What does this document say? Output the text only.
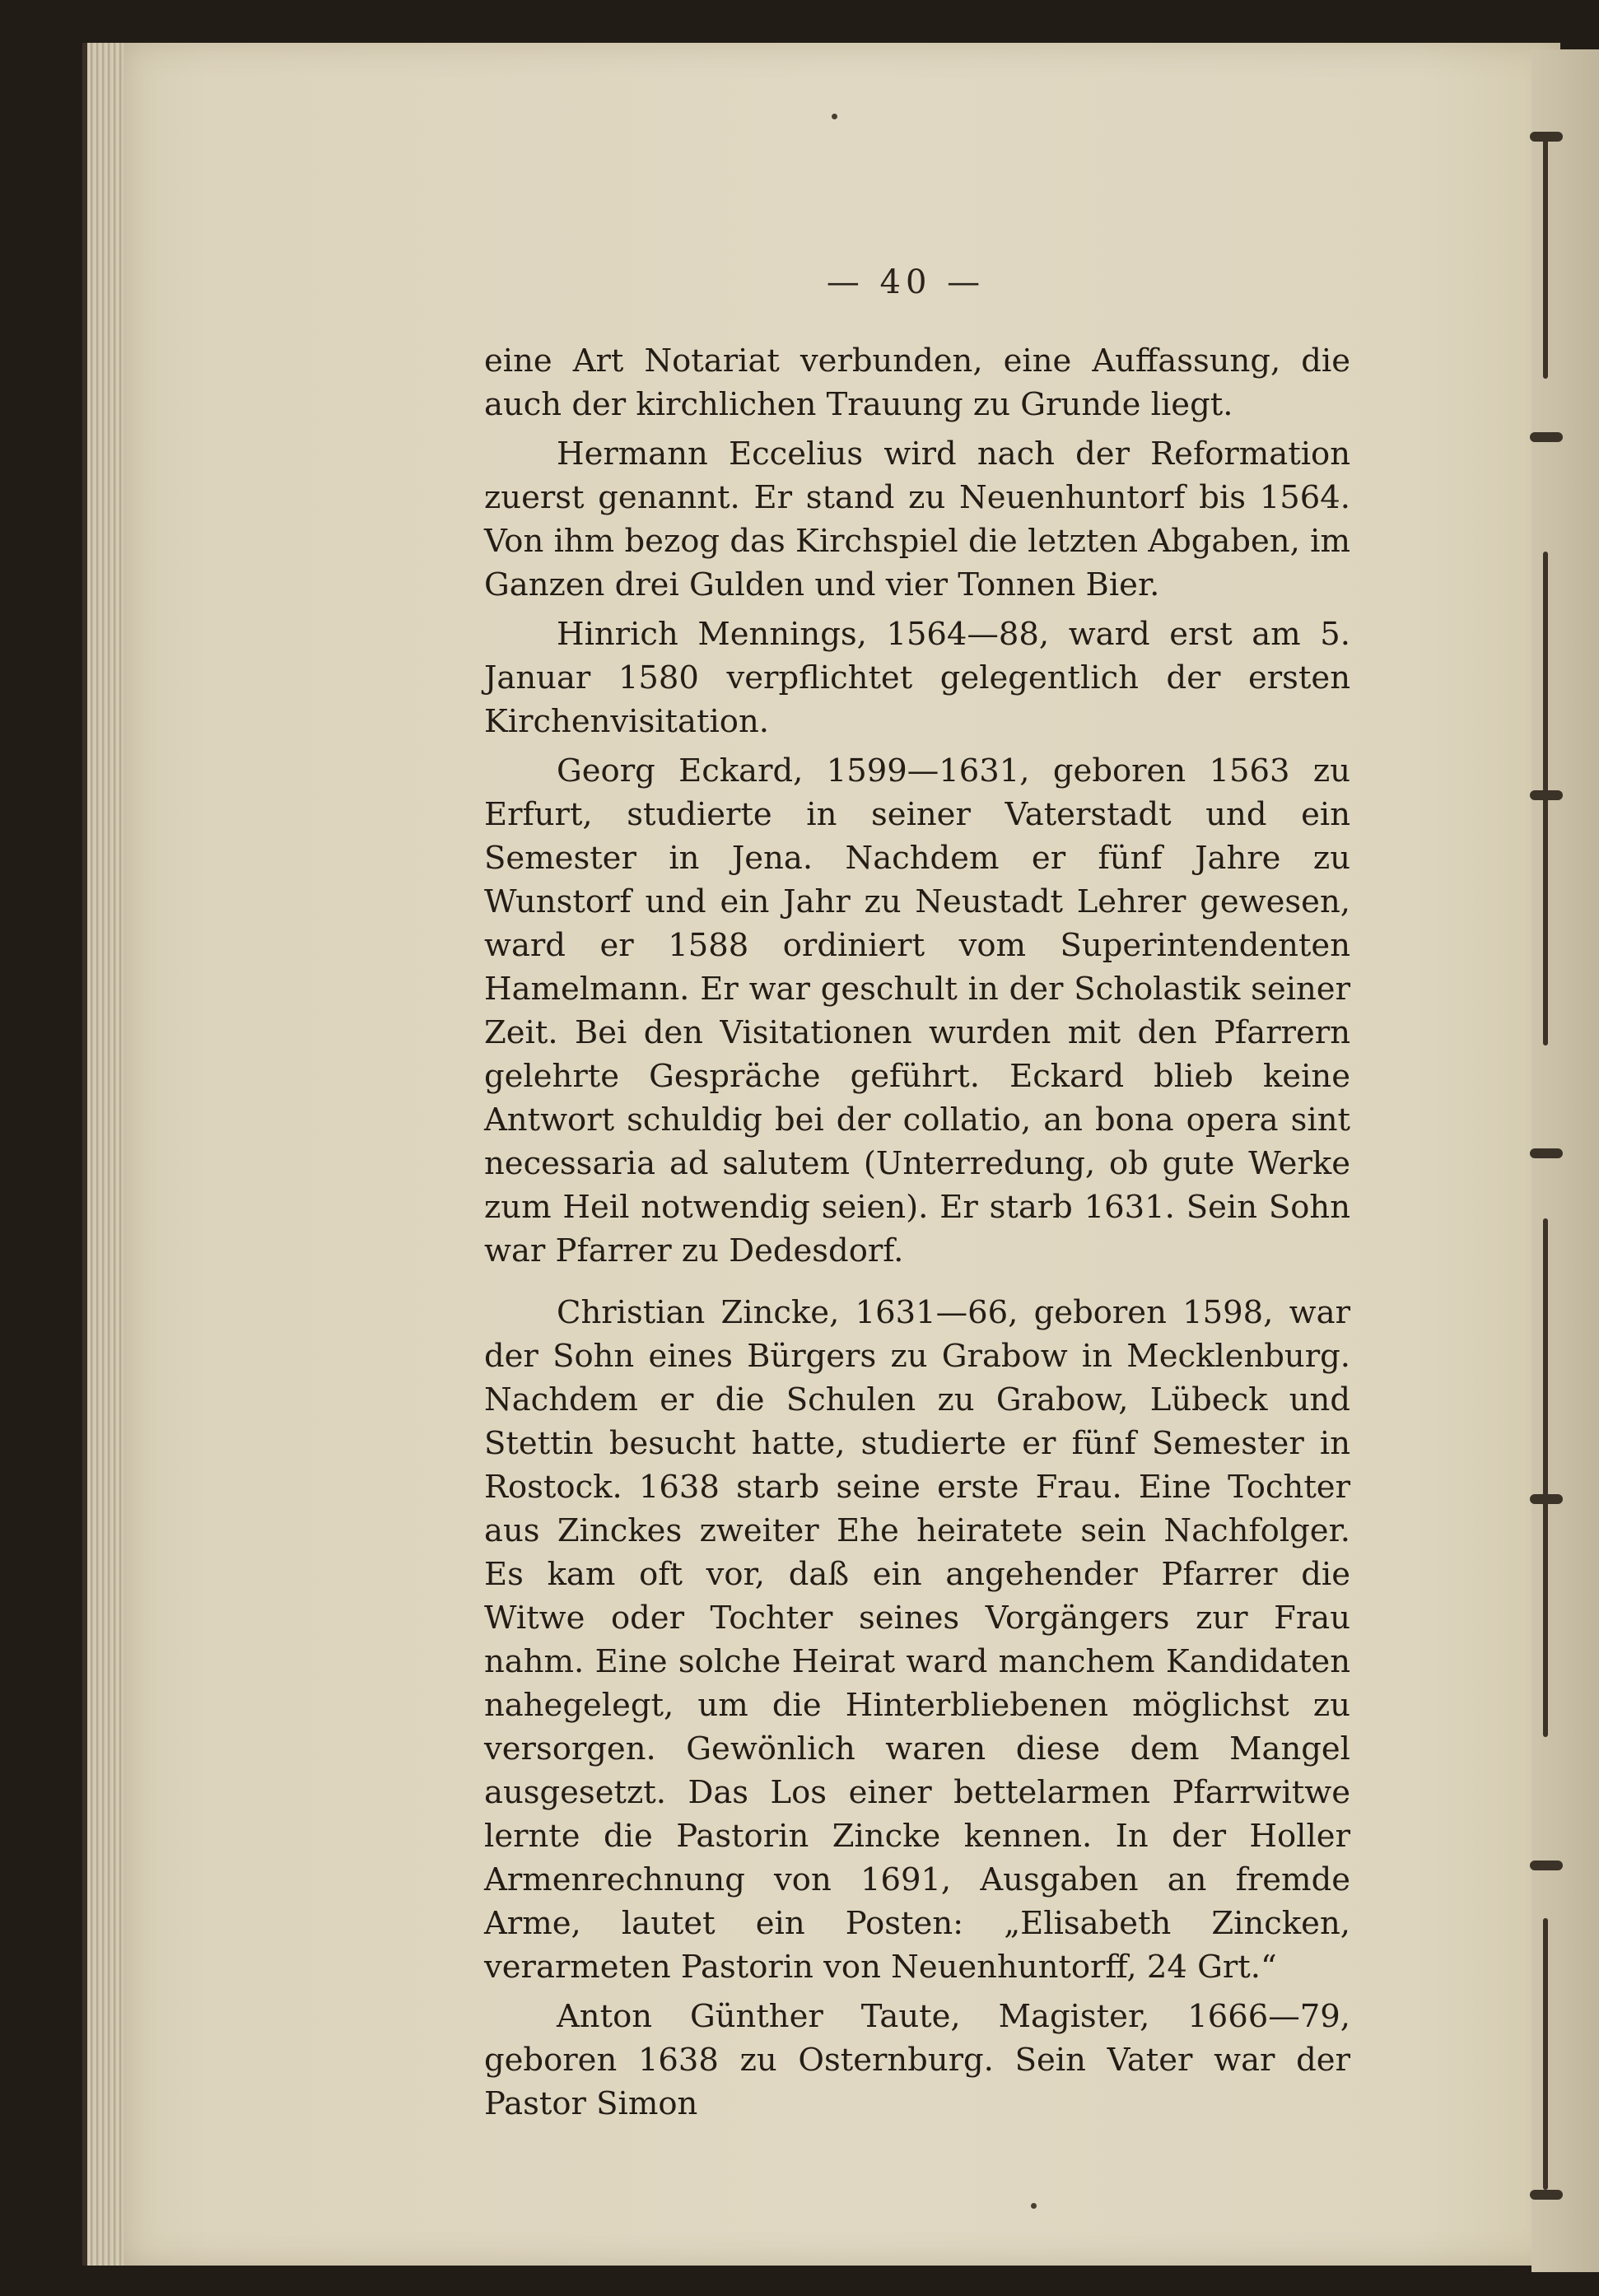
— 40 —

eine Art Notariat verbunden, eine Auffassung, die auch der kirchlichen Trauung zu Grunde liegt.

Hermann Eccelius wird nach der Reformation zuerst genannt. Er stand zu Neuenhuntorf bis 1564. Von ihm bezog das Kirchspiel die letzten Abgaben, im Ganzen drei Gulden und vier Tonnen Bier.

Hinrich Mennings, 1564—88, ward erst am 5. Januar 1580 verpflichtet gelegentlich der ersten Kirchenvisitation.

Georg Eckard, 1599—1631, geboren 1563 zu Erfurt, studierte in seiner Vaterstadt und ein Semester in Jena. Nachdem er fünf Jahre zu Wunstorf und ein Jahr zu Neustadt Lehrer gewesen, ward er 1588 ordiniert vom Superintendenten Hamelmann. Er war geschult in der Scholastik seiner Zeit. Bei den Visitationen wurden mit den Pfarrern gelehrte Gespräche geführt. Eckard blieb keine Antwort schuldig bei der collatio, an bona opera sint necessaria ad salutem (Unterredung, ob gute Werke zum Heil notwendig seien). Er starb 1631. Sein Sohn war Pfarrer zu Dedesdorf.

Christian Zincke, 1631—66, geboren 1598, war der Sohn eines Bürgers zu Grabow in Mecklenburg. Nachdem er die Schulen zu Grabow, Lübeck und Stettin besucht hatte, studierte er fünf Semester in Rostock. 1638 starb seine erste Frau. Eine Tochter aus Zinckes zweiter Ehe heiratete sein Nachfolger. Es kam oft vor, daß ein angehender Pfarrer die Witwe oder Tochter seines Vorgängers zur Frau nahm. Eine solche Heirat ward manchem Kandidaten nahegelegt, um die Hinterbliebenen möglichst zu versorgen. Gewönlich waren diese dem Mangel ausgesetzt. Das Los einer bettelarmen Pfarrwitwe lernte die Pastorin Zincke kennen. In der Holler Armenrechnung von 1691, Ausgaben an fremde Arme, lautet ein Posten: „Elisabeth Zincken, verarmeten Pastorin von Neuenhuntorff, 24 Grt.“

Anton Günther Taute, Magister, 1666—79, geboren 1638 zu Osternburg. Sein Vater war der Pastor Simon
